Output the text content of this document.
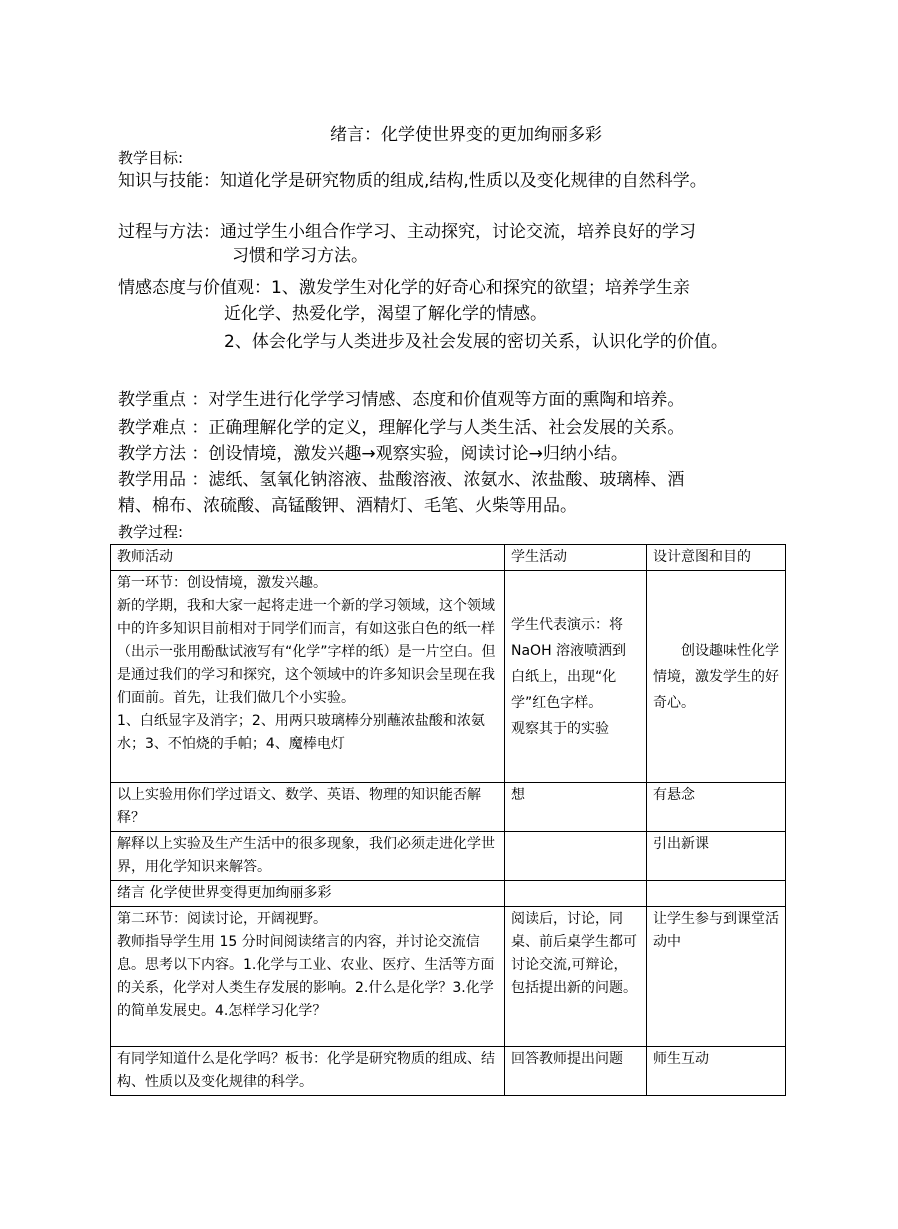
绪言：化学使世界变的更加绚丽多彩
教学目标:
知识与技能：知道化学是研究物质的组成,结构,性质以及变化规律的自然科学。
过程与方法：通过学生小组合作学习、主动探究，讨论交流，培养良好的学习
习惯和学习方法。
情感态度与价值观：1、激发学生对化学的好奇心和探究的欲望；培养学生亲
近化学、热爱化学，渴望了解化学的情感。
2、体会化学与人类进步及社会发展的密切关系，认识化学的价值。
教学重点 ：对学生进行化学学习情感、态度和价值观等方面的熏陶和培养。
教学难点 ：正确理解化学的定义，理解化学与人类生活、社会发展的关系。
教学方法 ：创设情境，激发兴趣→观察实验，阅读讨论→归纳小结。
教学用品 ：滤纸、氢氧化钠溶液、盐酸溶液、浓氨水、浓盐酸、玻璃棒、酒
精、棉布、浓硫酸、高锰酸钾、酒精灯、毛笔、火柴等用品。
教学过程:
教师活动	学生活动	设计意图和目的

第一环节：创设情境，激发兴趣。
新的学期，我和大家一起将走进一个新的学习领域，这个领域中的许多知识目前相对于同学们而言，有如这张白色的纸一样（出示一张用酚酞试液写有“化学”字样的纸）是一片空白。但是通过我们的学习和探究，这个领域中的许多知识会呈现在我们面前。首先，让我们做几个小实验。
1、白纸显字及消字；2、用两只玻璃棒分别蘸浓盐酸和浓氨水；3、不怕烧的手帕；4、魔棒电灯	学生代表演示：将 NaOH 溶液喷洒到白纸上，出现“化学”红色字样。
观察其于的实验	创设趣味性化学情境，激发学生的好奇心。

以上实验用你们学过语文、数学、英语、物理的知识能否解释？	想	有悬念
解释以上实验及生产生活中的很多现象，我们必须走进化学世界，用化学知识来解答。		引出新课
绪言 化学使世界变得更加绚丽多彩		

第二环节：阅读讨论，开阔视野。
教师指导学生用 15 分时间阅读绪言的内容，并讨论交流信息。思考以下内容。1.化学与工业、农业、医疗、生活等方面的关系，化学对人类生存发展的影响。2.什么是化学？3.化学的简单发展史。4.怎样学习化学？	阅读后，讨论，同桌、前后桌学生都可讨论交流,可辩论，包括提出新的问题。	让学生参与到课堂活动中
有同学知道什么是化学吗？板书：化学是研究物质的组成、结构、性质以及变化规律的科学。	回答教师提出问题	师生互动
